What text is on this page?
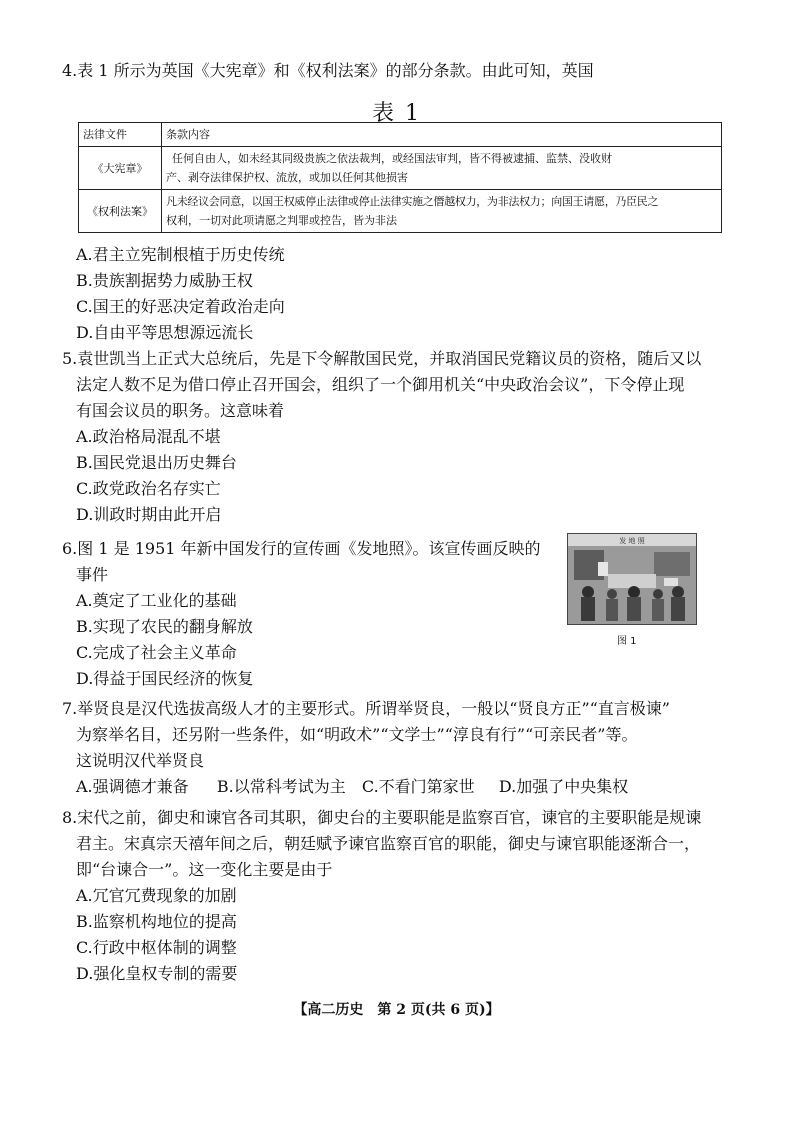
4.表 1 所示为英国《大宪章》和《权利法案》的部分条款。由此可知，英国
表 1
法律文件	条款内容
《大宪章》	任何自由人，如未经其同级贵族之依法裁判，或经国法审判，皆不得被逮捕、监禁、没收财
产、剥夺法律保护权、流放，或加以任何其他损害

《权利法案》	凡未经议会同意，以国王权威停止法律或停止法律实施之僭越权力，为非法权力；向国王请愿，乃臣民之
权利，一切对此项请愿之判罪或控告，皆为非法
A.君主立宪制根植于历史传统
B.贵族割据势力威胁王权
C.国王的好恶决定着政治走向
D.自由平等思想源远流长
5.袁世凯当上正式大总统后，先是下令解散国民党，并取消国民党籍议员的资格，随后又以
法定人数不足为借口停止召开国会，组织了一个御用机关“中央政治会议”，下令停止现
有国会议员的职务。这意味着
A.政治格局混乱不堪
B.国民党退出历史舞台
C.政党政治名存实亡
D.训政时期由此开启
6.图 1 是 1951 年新中国发行的宣传画《发地照》。该宣传画反映的
事件
A.奠定了工业化的基础
B.实现了农民的翻身解放
C.完成了社会主义革命
D.得益于国民经济的恢复
发 地 照
图 1
7.举贤良是汉代选拔高级人才的主要形式。所谓举贤良，一般以“贤良方正”“直言极谏”
为察举名目，还另附一些条件，如“明政术”“文学士”“淳良有行”“可亲民者”等。
这说明汉代举贤良
A.强调德才兼备 B.以常科考试为主 C.不看门第家世 D.加强了中央集权
8.宋代之前，御史和谏官各司其职，御史台的主要职能是监察百官，谏官的主要职能是规谏
君主。宋真宗天禧年间之后，朝廷赋予谏官监察百官的职能，御史与谏官职能逐渐合一，
即“台谏合一”。这一变化主要是由于
A.冗官冗费现象的加剧
B.监察机构地位的提高
C.行政中枢体制的调整
D.强化皇权专制的需要
【高二历史　第 2 页(共 6 页)】
